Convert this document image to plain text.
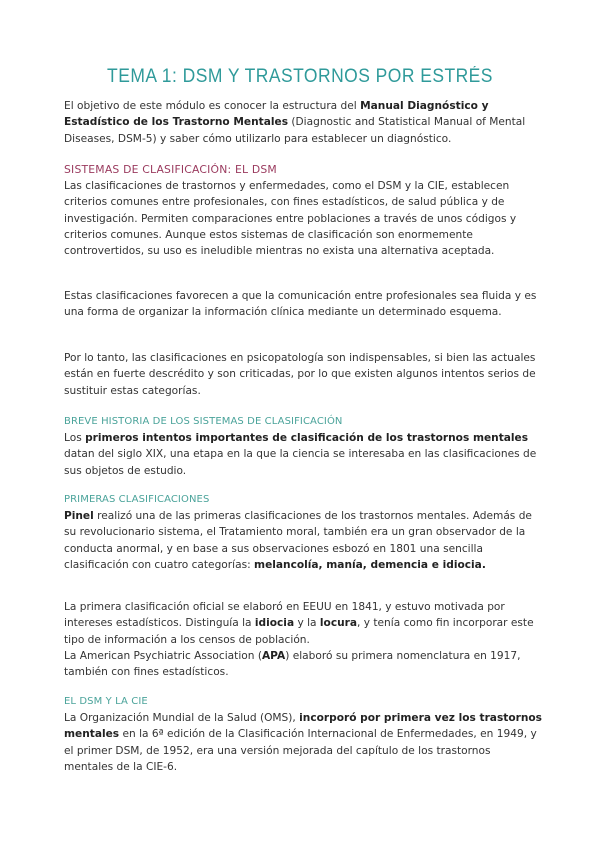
TEMA 1: DSM Y TRASTORNOS POR ESTRÉS

El objetivo de este módulo es conocer la estructura del Manual Diagnóstico y Estadístico de los Trastorno Mentales (Diagnostic and Statistical Manual of Mental Diseases, DSM-5) y saber cómo utilizarlo para establecer un diagnóstico.

SISTEMAS DE CLASIFICACIÓN: EL DSM

Las clasificaciones de trastornos y enfermedades, como el DSM y la CIE, establecen criterios comunes entre profesionales, con fines estadísticos, de salud pública y de investigación. Permiten comparaciones entre poblaciones a través de unos códigos y criterios comunes. Aunque estos sistemas de clasificación son enormemente controvertidos, su uso es ineludible mientras no exista una alternativa aceptada.

Estas clasificaciones favorecen a que la comunicación entre profesionales sea fluida y es una forma de organizar la información clínica mediante un determinado esquema.

Por lo tanto, las clasificaciones en psicopatología son indispensables, si bien las actuales están en fuerte descrédito y son criticadas, por lo que existen algunos intentos serios de sustituir estas categorías.

BREVE HISTORIA DE LOS SISTEMAS DE CLASIFICACIÓN

Los primeros intentos importantes de clasificación de los trastornos mentales datan del siglo XIX, una etapa en la que la ciencia se interesaba en las clasificaciones de sus objetos de estudio.

PRIMERAS CLASIFICACIONES

Pinel realizó una de las primeras clasificaciones de los trastornos mentales. Además de su revolucionario sistema, el Tratamiento moral, también era un gran observador de la conducta anormal, y en base a sus observaciones esbozó en 1801 una sencilla clasificación con cuatro categorías: melancolía, manía, demencia e idiocia.

La primera clasificación oficial se elaboró en EEUU en 1841, y estuvo motivada por intereses estadísticos. Distinguía la idiocia y la locura, y tenía como fin incorporar este tipo de información a los censos de población.

La American Psychiatric Association (APA) elaboró su primera nomenclatura en 1917, también con fines estadísticos.

EL DSM Y LA CIE

La Organización Mundial de la Salud (OMS), incorporó por primera vez los trastornos mentales en la 6ª edición de la Clasificación Internacional de Enfermedades, en 1949, y el primer DSM, de 1952, era una versión mejorada del capítulo de los trastornos mentales de la CIE-6.
